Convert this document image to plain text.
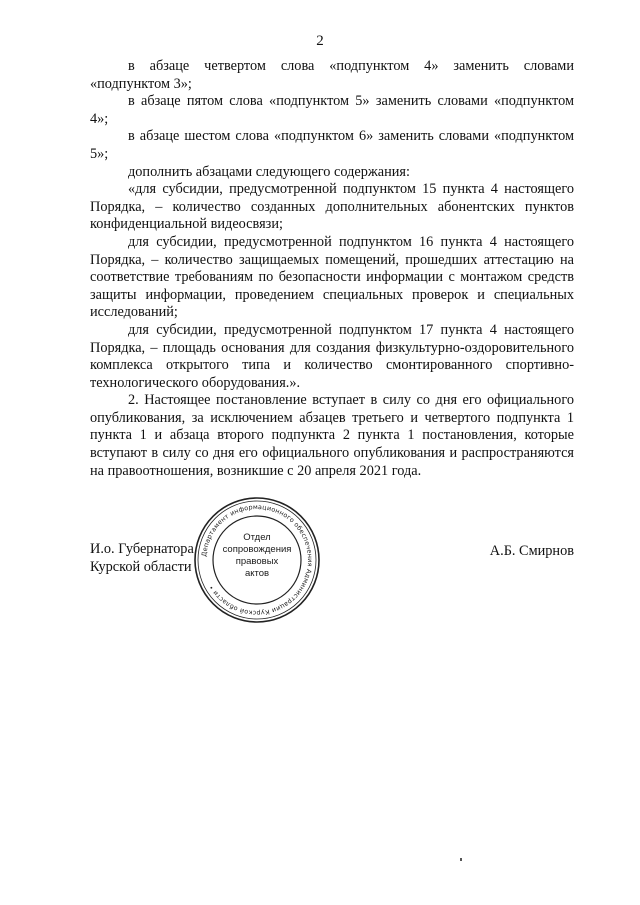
2

в абзаце четвертом слова «подпунктом 4» заменить словами «подпунктом 3»;

в абзаце пятом слова «подпунктом 5» заменить словами «подпунктом 4»;

в абзаце шестом слова «подпунктом 6» заменить словами «подпунктом 5»;

дополнить абзацами следующего содержания:

«для субсидии, предусмотренной подпунктом 15 пункта 4 настоящего Порядка, – количество созданных дополнительных абонентских пунктов конфиденциальной видеосвязи;

для субсидии, предусмотренной подпунктом 16 пункта 4 настоящего Порядка, – количество защищаемых помещений, прошедших аттестацию на соответствие требованиям по безопасности информации с монтажом средств защиты информации, проведением специальных проверок и специальных исследований;

для субсидии, предусмотренной подпунктом 17 пункта 4 настоящего Порядка, – площадь основания для создания физкультурно-оздоровительного комплекса открытого типа и количество смонтированного спортивно-технологического оборудования.».

2. Настоящее постановление вступает в силу со дня его официального опубликования, за исключением абзацев третьего и четвертого подпункта 1 пункта 1 и абзаца второго подпункта 2 пункта 1 постановления, которые вступают в силу со дня его официального опубликования и распространяются на правоотношения, возникшие с 20 апреля 2021 года.

И.о. Губернатора
Курской области
А.Б. Смирнов
Департамент информационного обеспечения Администрации Курской области •
Отдел
сопровождения
правовых
актов
